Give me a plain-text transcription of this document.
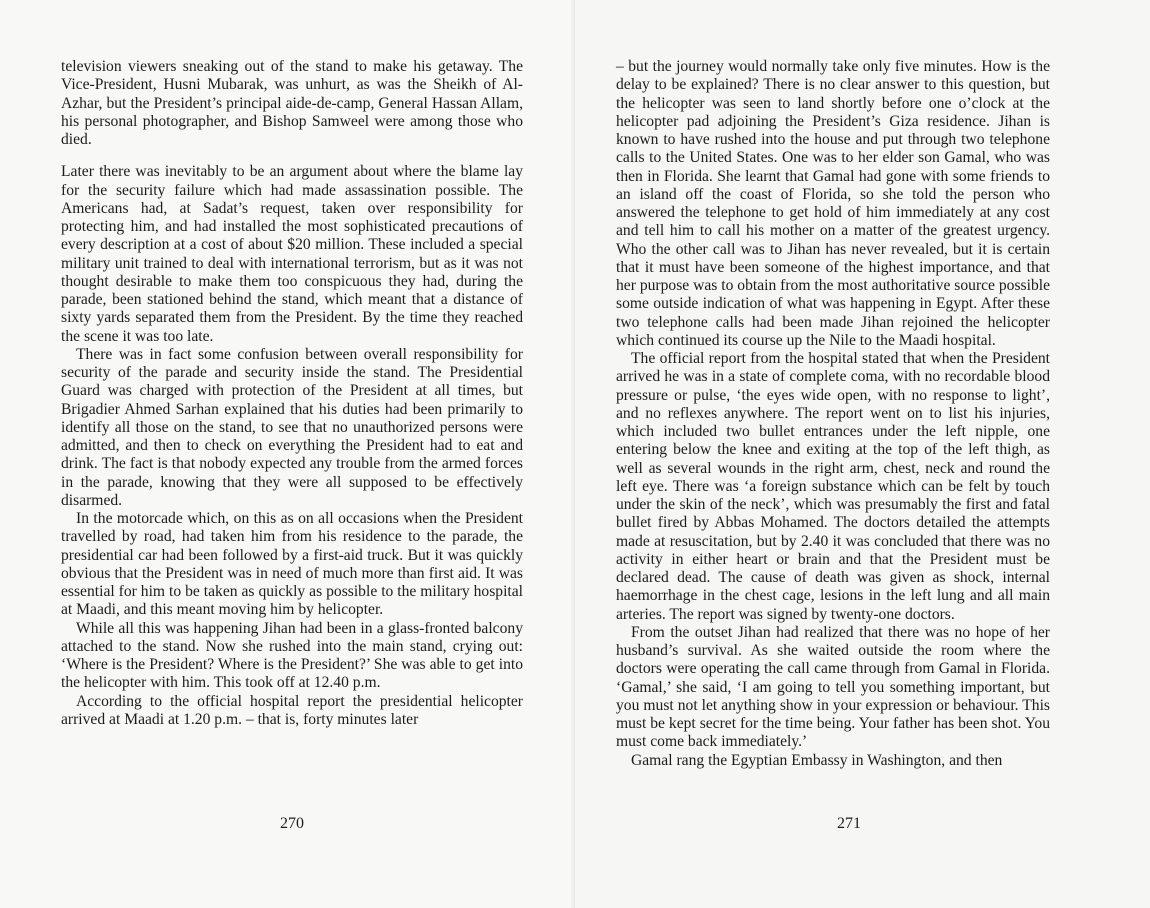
television viewers sneaking out of the stand to make his getaway. The Vice-President, Husni Mubarak, was unhurt, as was the Sheikh of Al-Azhar, but the President’s principal aide-de-camp, General Hassan Allam, his personal photographer, and Bishop Samweel were among those who died.

Later there was inevitably to be an argument about where the blame lay for the security failure which had made assassination possible. The Americans had, at Sadat’s request, taken over responsibility for protecting him, and had installed the most sophisticated precautions of every description at a cost of about $20 million. These included a special military unit trained to deal with international terrorism, but as it was not thought desirable to make them too conspicuous they had, during the parade, been stationed behind the stand, which meant that a distance of sixty yards separated them from the President. By the time they reached the scene it was too late.

There was in fact some confusion between overall responsibility for security of the parade and security inside the stand. The Presidential Guard was charged with protection of the President at all times, but Brigadier Ahmed Sarhan explained that his duties had been primarily to identify all those on the stand, to see that no unauthorized persons were admitted, and then to check on everything the President had to eat and drink. The fact is that nobody expected any trouble from the armed forces in the parade, knowing that they were all supposed to be effectively disarmed.

In the motorcade which, on this as on all occasions when the President travelled by road, had taken him from his residence to the parade, the presidential car had been followed by a first-aid truck. But it was quickly obvious that the President was in need of much more than first aid. It was essential for him to be taken as quickly as possible to the military hospital at Maadi, and this meant moving him by helicopter.

While all this was happening Jihan had been in a glass-fronted balcony attached to the stand. Now she rushed into the main stand, crying out: ‘Where is the President? Where is the President?’ She was able to get into the helicopter with him. This took off at 12.40 p.m.

According to the official hospital report the presidential helicopter arrived at Maadi at 1.20 p.m. – that is, forty minutes later

270

– but the journey would normally take only five minutes. How is the delay to be explained? There is no clear answer to this question, but the helicopter was seen to land shortly before one o’clock at the helicopter pad adjoining the President’s Giza residence. Jihan is known to have rushed into the house and put through two telephone calls to the United States. One was to her elder son Gamal, who was then in Florida. She learnt that Gamal had gone with some friends to an island off the coast of Florida, so she told the person who answered the telephone to get hold of him immediately at any cost and tell him to call his mother on a matter of the greatest urgency. Who the other call was to Jihan has never revealed, but it is certain that it must have been someone of the highest importance, and that her purpose was to obtain from the most authoritative source possible some outside indication of what was happening in Egypt. After these two telephone calls had been made Jihan rejoined the helicopter which continued its course up the Nile to the Maadi hospital.

The official report from the hospital stated that when the President arrived he was in a state of complete coma, with no recordable blood pressure or pulse, ‘the eyes wide open, with no response to light’, and no reflexes anywhere. The report went on to list his injuries, which included two bullet entrances under the left nipple, one entering below the knee and exiting at the top of the left thigh, as well as several wounds in the right arm, chest, neck and round the left eye. There was ‘a foreign substance which can be felt by touch under the skin of the neck’, which was presumably the first and fatal bullet fired by Abbas Mohamed. The doctors detailed the attempts made at resuscitation, but by 2.40 it was concluded that there was no activity in either heart or brain and that the President must be declared dead. The cause of death was given as shock, internal haemorrhage in the chest cage, lesions in the left lung and all main arteries. The report was signed by twenty-one doctors.

From the outset Jihan had realized that there was no hope of her husband’s survival. As she waited outside the room where the doctors were operating the call came through from Gamal in Florida. ‘Gamal,’ she said, ‘I am going to tell you something important, but you must not let anything show in your expression or behaviour. This must be kept secret for the time being. Your father has been shot. You must come back immediately.’

Gamal rang the Egyptian Embassy in Washington, and then

271
